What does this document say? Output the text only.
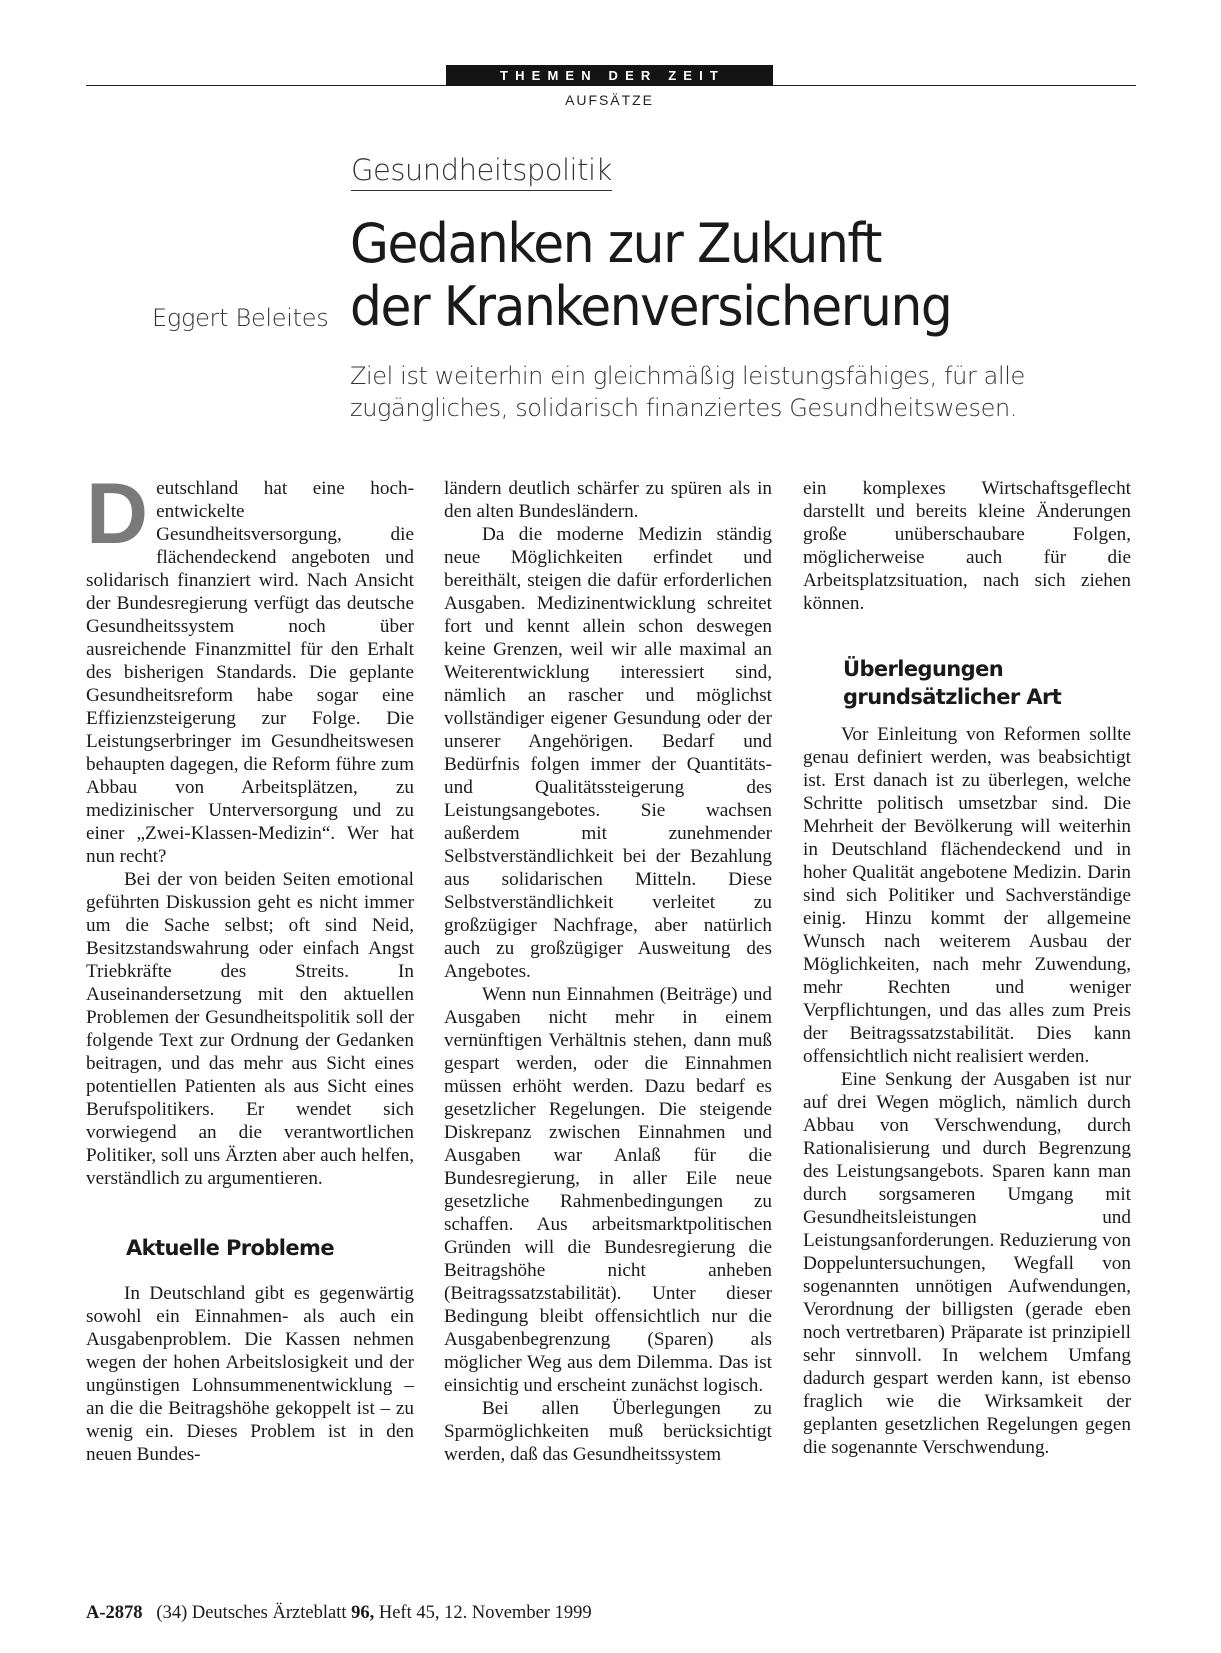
THEMEN DER ZEIT
AUFSÄTZE
Gesundheitspolitik
Gedanken zur Zukunft
der Krankenversicherung
Eggert Beleites
Ziel ist weiterhin ein gleichmäßig leistungsfähiges, für alle
zugängliches, solidarisch finanziertes Gesundheitswesen.
D eutschland hat eine hoch-entwickelte Gesundheitsversorgung, die flächendeckend angeboten und solidarisch finanziert wird. Nach Ansicht der Bundesregierung verfügt das deutsche Gesundheitssystem noch über ausreichende Finanzmittel für den Erhalt des bisherigen Standards. Die geplante Gesundheitsreform habe sogar eine Effizienzsteigerung zur Folge. Die Leistungserbringer im Gesundheitswesen behaupten dagegen, die Reform führe zum Abbau von Arbeitsplätzen, zu medizinischer Unterversorgung und zu einer „Zwei-Klassen-Medizin“. Wer hat nun recht?

Bei der von beiden Seiten emotional geführten Diskussion geht es nicht immer um die Sache selbst; oft sind Neid, Besitzstandswahrung oder einfach Angst Triebkräfte des Streits. In Auseinandersetzung mit den aktuellen Problemen der Gesundheitspolitik soll der folgende Text zur Ordnung der Gedanken beitragen, und das mehr aus Sicht eines potentiellen Patienten als aus Sicht eines Berufspolitikers. Er wendet sich vorwiegend an die verantwortlichen Politiker, soll uns Ärzten aber auch helfen, verständlich zu argumentieren.

Aktuelle Probleme

In Deutschland gibt es gegenwärtig sowohl ein Einnahmen- als auch ein Ausgabenproblem. Die Kassen nehmen wegen der hohen Arbeitslosigkeit und der ungünstigen Lohnsummenentwicklung – an die die Beitragshöhe gekoppelt ist – zu wenig ein. Dieses Problem ist in den neuen Bundes-

ländern deutlich schärfer zu spüren als in den alten Bundesländern.

Da die moderne Medizin ständig neue Möglichkeiten erfindet und bereithält, steigen die dafür erforderlichen Ausgaben. Medizinentwicklung schreitet fort und kennt allein schon deswegen keine Grenzen, weil wir alle maximal an Weiterentwicklung interessiert sind, nämlich an rascher und möglichst vollständiger eigener Gesundung oder der unserer Angehörigen. Bedarf und Bedürfnis folgen immer der Quantitäts- und Qualitätssteigerung des Leistungsangebotes. Sie wachsen außerdem mit zunehmender Selbstverständlichkeit bei der Bezahlung aus solidarischen Mitteln. Diese Selbstverständlichkeit verleitet zu großzügiger Nachfrage, aber natürlich auch zu großzügiger Ausweitung des Angebotes.

Wenn nun Einnahmen (Beiträge) und Ausgaben nicht mehr in einem vernünftigen Verhältnis stehen, dann muß gespart werden, oder die Einnahmen müssen erhöht werden. Dazu bedarf es gesetzlicher Regelungen. Die steigende Diskrepanz zwischen Einnahmen und Ausgaben war Anlaß für die Bundesregierung, in aller Eile neue gesetzliche Rahmenbedingungen zu schaffen. Aus arbeitsmarktpolitischen Gründen will die Bundesregierung die Beitragshöhe nicht anheben (Beitragssatzstabilität). Unter dieser Bedingung bleibt offensichtlich nur die Ausgabenbegrenzung (Sparen) als möglicher Weg aus dem Dilemma. Das ist einsichtig und erscheint zunächst logisch.

Bei allen Überlegungen zu Sparmöglichkeiten muß berücksichtigt werden, daß das Gesundheitssystem

ein komplexes Wirtschaftsgeflecht darstellt und bereits kleine Änderungen große unüberschaubare Folgen, möglicherweise auch für die Arbeitsplatzsituation, nach sich ziehen können.

Überlegungen
grundsätzlicher Art

Vor Einleitung von Reformen sollte genau definiert werden, was beabsichtigt ist. Erst danach ist zu überlegen, welche Schritte politisch umsetzbar sind. Die Mehrheit der Bevölkerung will weiterhin in Deutschland flächendeckend und in hoher Qualität angebotene Medizin. Darin sind sich Politiker und Sachverständige einig. Hinzu kommt der allgemeine Wunsch nach weiterem Ausbau der Möglichkeiten, nach mehr Zuwendung, mehr Rechten und weniger Verpflichtungen, und das alles zum Preis der Beitragssatzstabilität. Dies kann offensichtlich nicht realisiert werden.

Eine Senkung der Ausgaben ist nur auf drei Wegen möglich, nämlich durch Abbau von Verschwendung, durch Rationalisierung und durch Begrenzung des Leistungsangebots. Sparen kann man durch sorgsameren Umgang mit Gesundheitsleistungen und Leistungsanforderungen. Reduzierung von Doppeluntersuchungen, Wegfall von sogenannten unnötigen Aufwendungen, Verordnung der billigsten (gerade eben noch vertretbaren) Präparate ist prinzipiell sehr sinnvoll. In welchem Umfang dadurch gespart werden kann, ist ebenso fraglich wie die Wirksamkeit der geplanten gesetzlichen Regelungen gegen die sogenannte Verschwendung.

A-2878 (34) Deutsches Ärzteblatt 96, Heft 45, 12. November 1999
